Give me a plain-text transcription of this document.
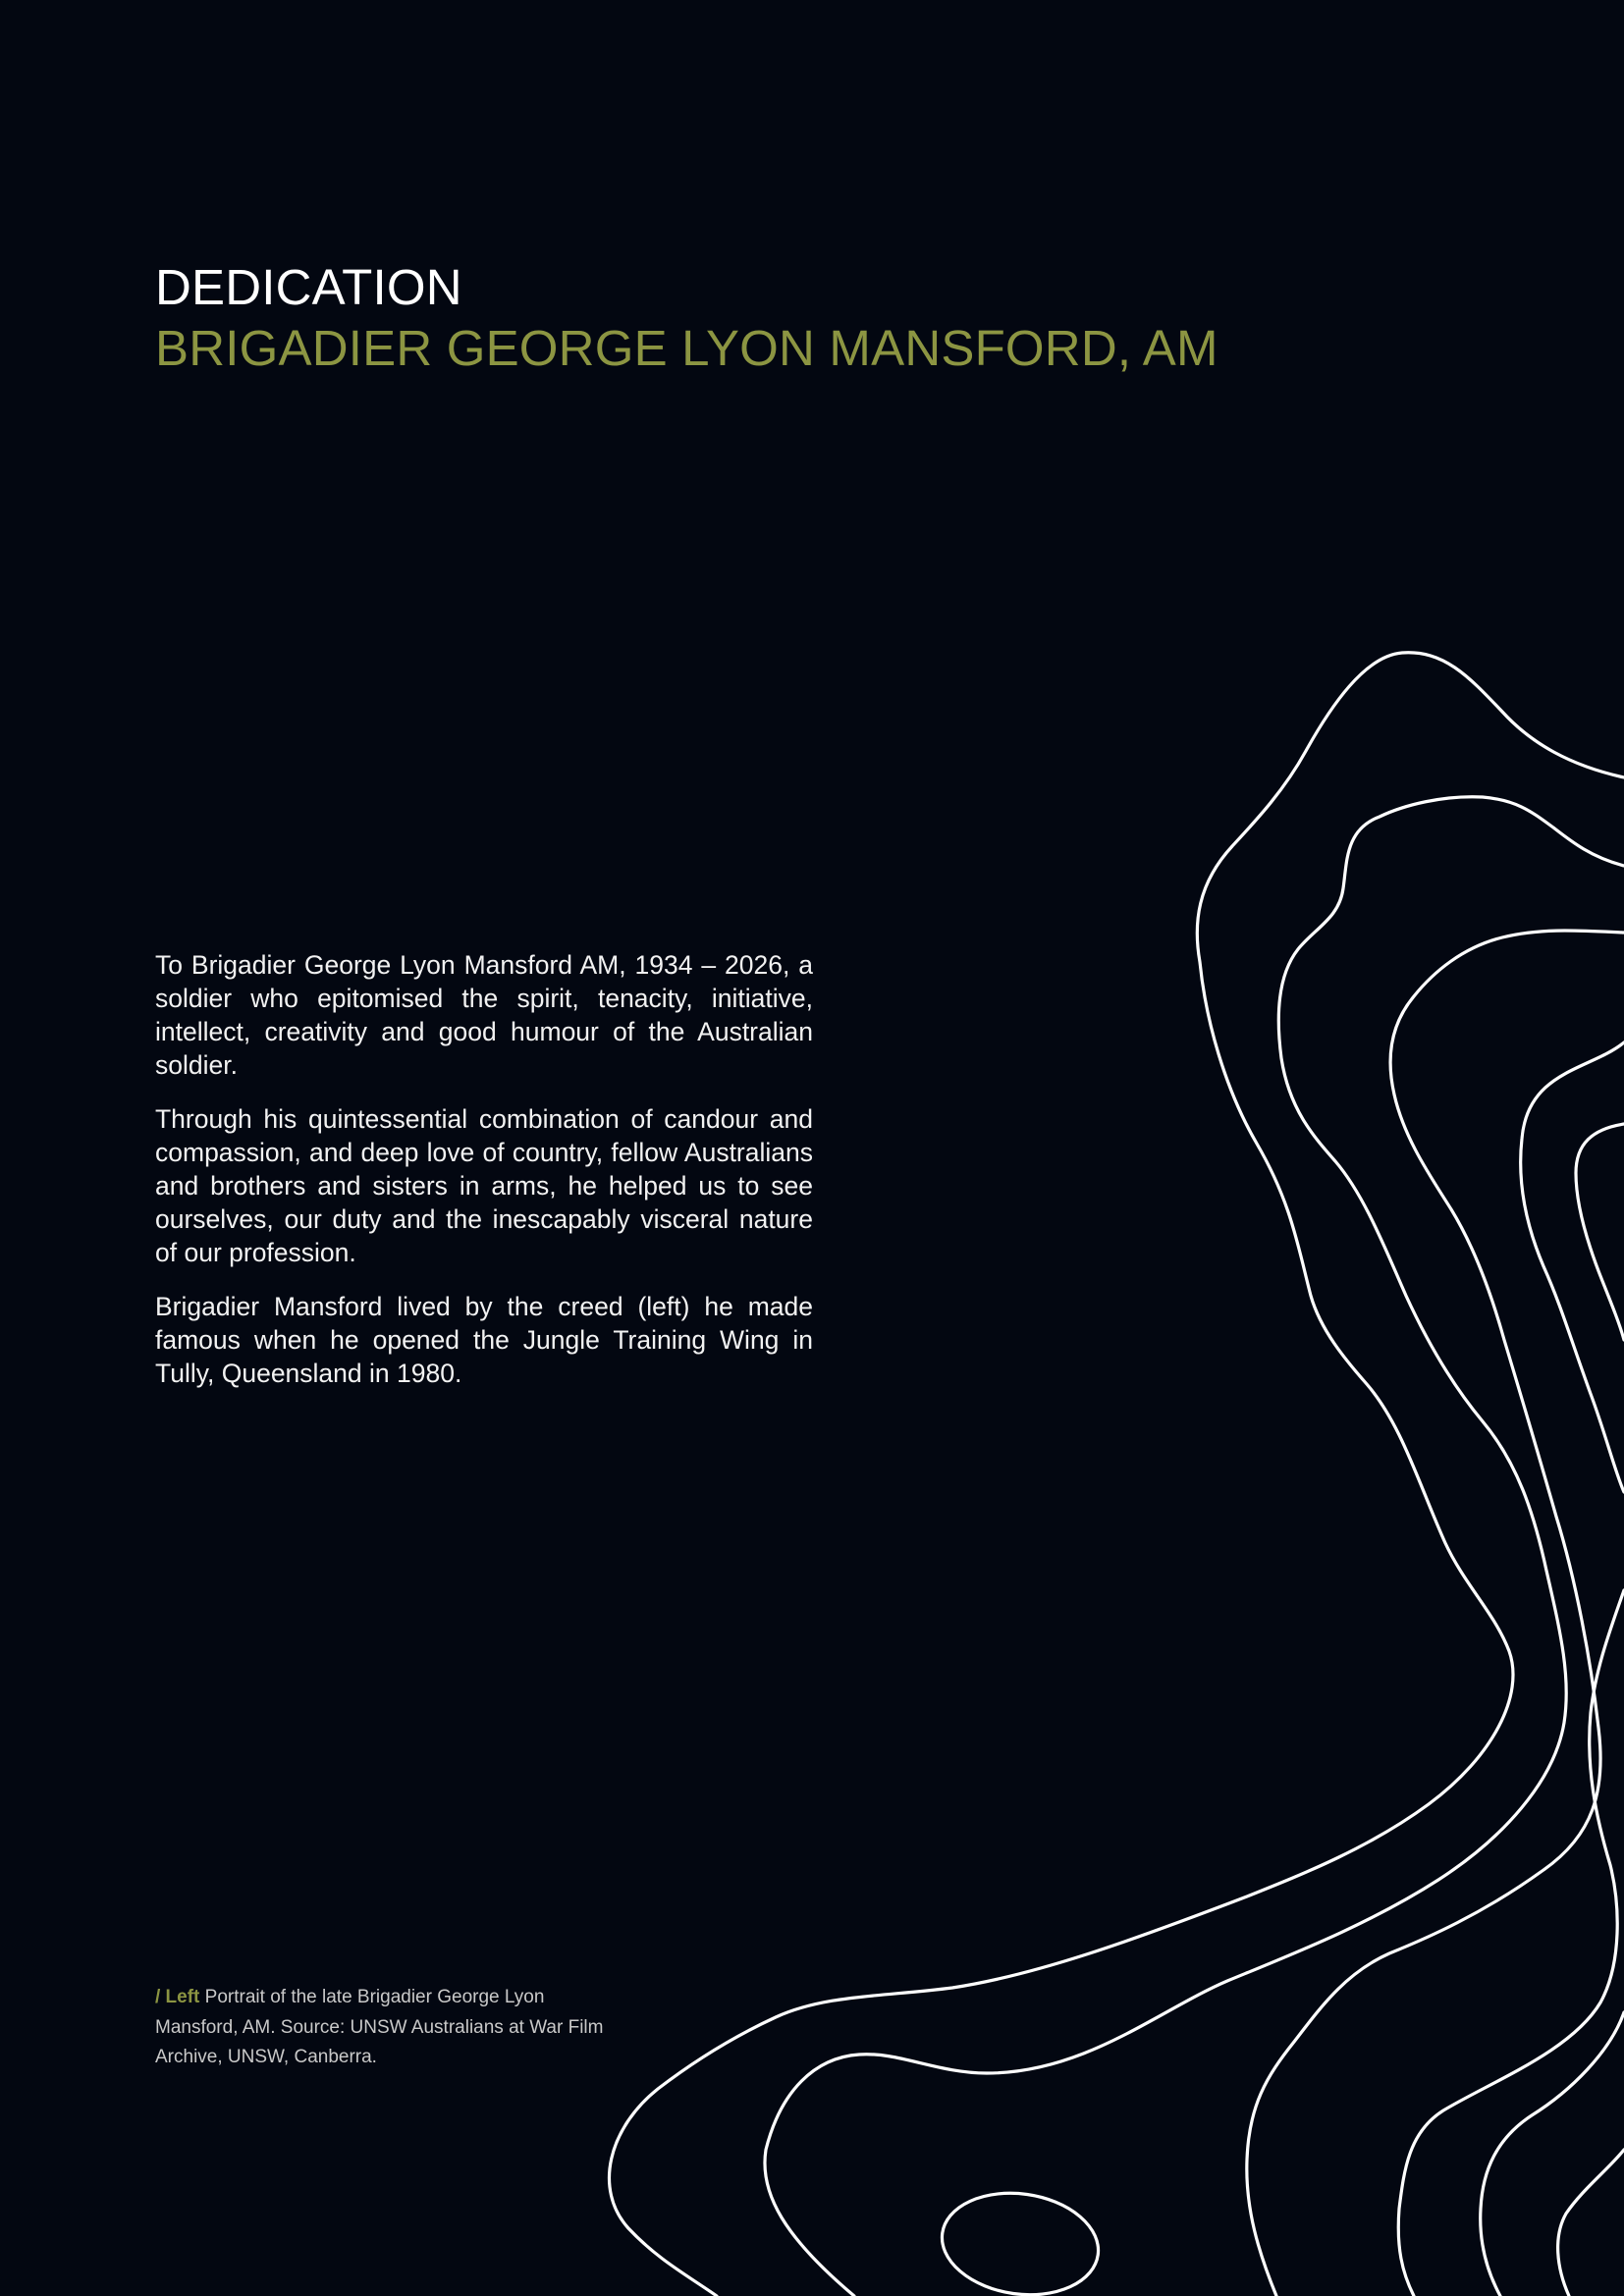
DEDICATION
BRIGADIER GEORGE LYON MANSFORD, AM

To Brigadier George Lyon Mansford AM, 1934 – 2026, a soldier who epitomised the spirit, tenacity, initiative, intellect, creativity and good humour of the Australian soldier.

Through his quintessential combination of candour and compassion, and deep love of country, fellow Australians and brothers and sisters in arms, he helped us to see ourselves, our duty and the inescapably visceral nature of our profession.

Brigadier Mansford lived by the creed (left) he made famous when he opened the Jungle Training Wing in Tully, Queensland in 1980.

/ Left Portrait of the late Brigadier George Lyon Mansford, AM. Source: UNSW Australians at War Film Archive, UNSW, Canberra.
